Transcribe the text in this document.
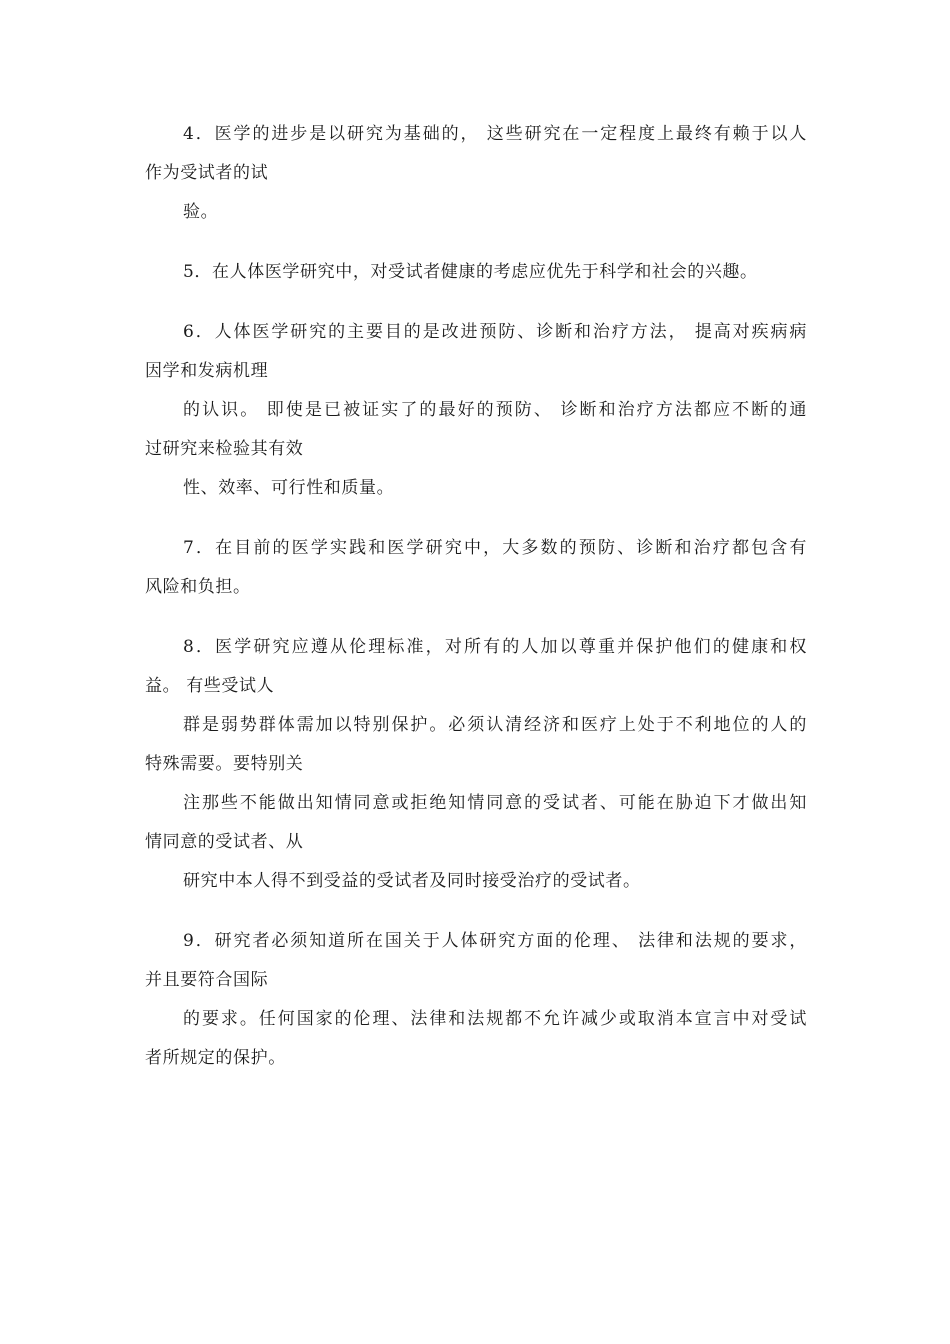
4．医学的进步是以研究为基础的， 这些研究在一定程度上最终有赖于以人
作为受试者的试
验。
5．在人体医学研究中，对受试者健康的考虑应优先于科学和社会的兴趣。
6．人体医学研究的主要目的是改进预防、诊断和治疗方法， 提高对疾病病
因学和发病机理
的认识。 即使是已被证实了的最好的预防、 诊断和治疗方法都应不断的通
过研究来检验其有效
性、效率、可行性和质量。
7．在目前的医学实践和医学研究中，大多数的预防、诊断和治疗都包含有
风险和负担。
8．医学研究应遵从伦理标准，对所有的人加以尊重并保护他们的健康和权
益。 有些受试人
群是弱势群体需加以特别保护。必须认清经济和医疗上处于不利地位的人的
特殊需要。要特别关
注那些不能做出知情同意或拒绝知情同意的受试者、可能在胁迫下才做出知
情同意的受试者、从
研究中本人得不到受益的受试者及同时接受治疗的受试者。
9．研究者必须知道所在国关于人体研究方面的伦理、 法律和法规的要求，
并且要符合国际
的要求。任何国家的伦理、法律和法规都不允许减少或取消本宣言中对受试
者所规定的保护。
